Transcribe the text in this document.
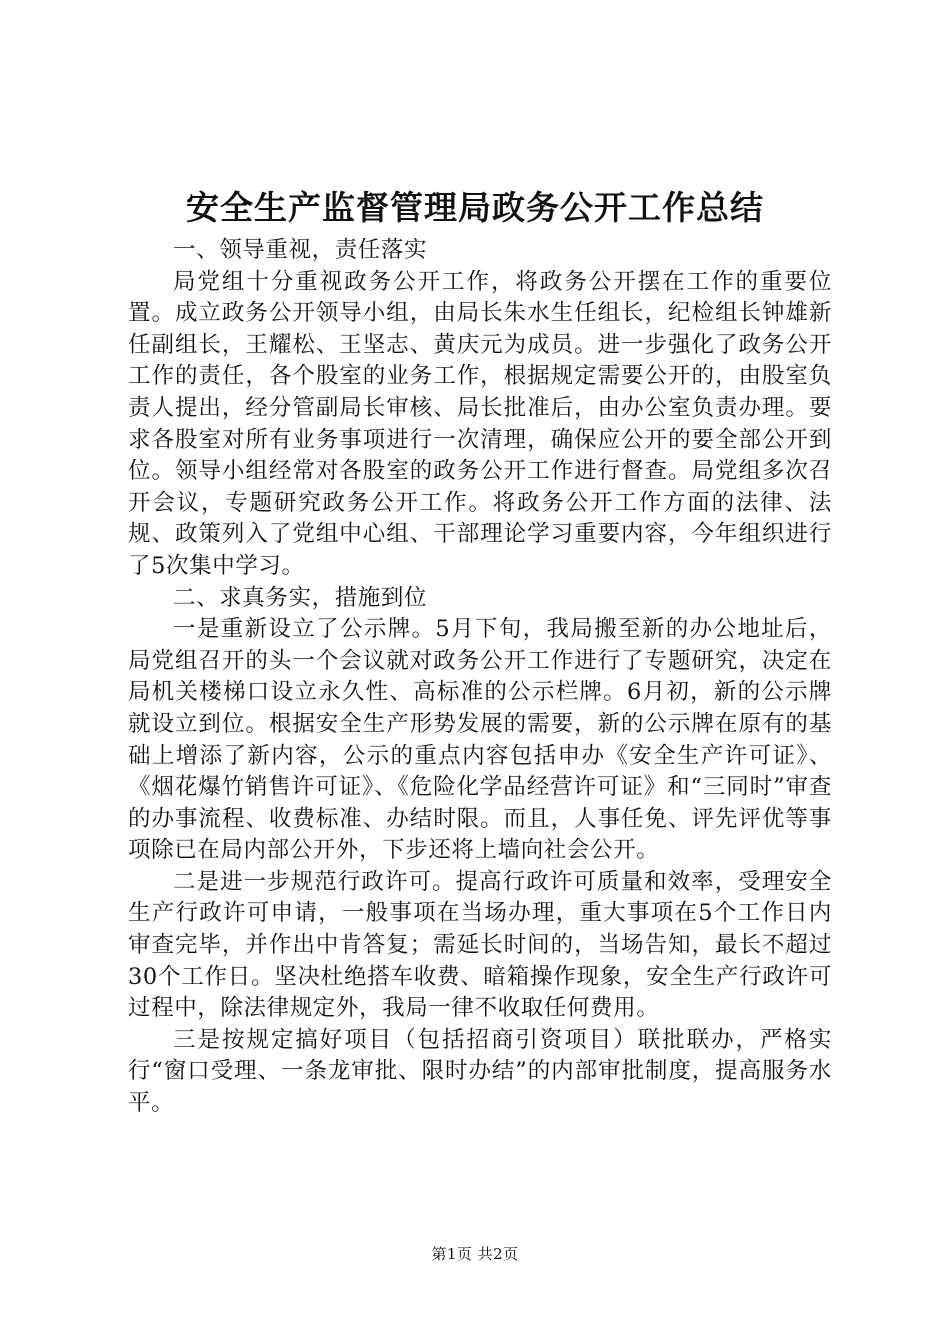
安全生产监督管理局政务公开工作总结

一、领导重视，责任落实

局党组十分重视政务公开工作，将政务公开摆在工作的重要位置。成立政务公开领导小组，由局长朱水生任组长，纪检组长钟雄新任副组长，王耀松、王坚志、黄庆元为成员。进一步强化了政务公开工作的责任，各个股室的业务工作，根据规定需要公开的，由股室负责人提出，经分管副局长审核、局长批准后，由办公室负责办理。要求各股室对所有业务事项进行一次清理，确保应公开的要全部公开到位。领导小组经常对各股室的政务公开工作进行督查。局党组多次召开会议，专题研究政务公开工作。将政务公开工作方面的法律、法规、政策列入了党组中心组、干部理论学习重要内容，今年组织进行了5次集中学习。

二、求真务实，措施到位

一是重新设立了公示牌。5月下旬，我局搬至新的办公地址后，局党组召开的头一个会议就对政务公开工作进行了专题研究，决定在局机关楼梯口设立永久性、高标准的公示栏牌。6月初，新的公示牌就设立到位。根据安全生产形势发展的需要，新的公示牌在原有的基础上增添了新内容，公示的重点内容包括申办《安全生产许可证》、《烟花爆竹销售许可证》、《危险化学品经营许可证》和“三同时”审查的办事流程、收费标准、办结时限。而且，人事任免、评先评优等事项除已在局内部公开外，下步还将上墙向社会公开。

二是进一步规范行政许可。提高行政许可质量和效率，受理安全生产行政许可申请，一般事项在当场办理，重大事项在5个工作日内审查完毕，并作出中肯答复；需延长时间的，当场告知，最长不超过30个工作日。坚决杜绝搭车收费、暗箱操作现象，安全生产行政许可过程中，除法律规定外，我局一律不收取任何费用。

三是按规定搞好项目（包括招商引资项目）联批联办，严格实行“窗口受理、一条龙审批、限时办结”的内部审批制度，提高服务水平。

第1页 共2页
